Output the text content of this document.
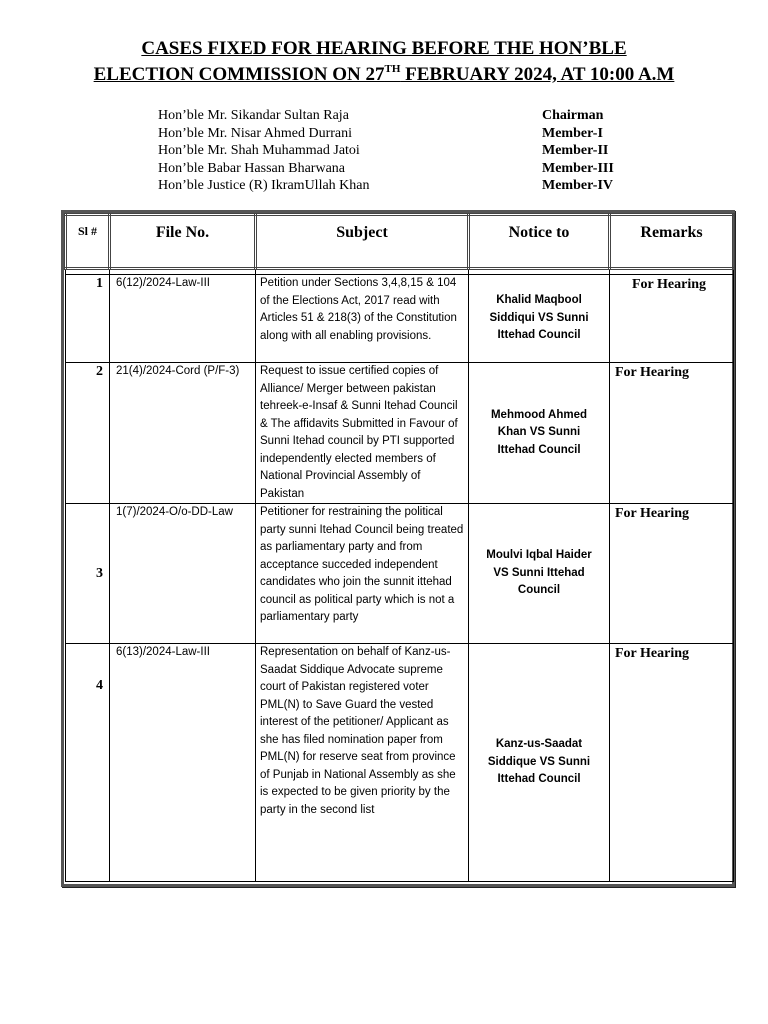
CASES FIXED FOR HEARING BEFORE THE HON’BLE
ELECTION COMMISSION ON 27TH FEBRUARY 2024, AT 10:00 A.M
Hon’ble Mr. Sikandar Sultan Raja	Chairman
Hon’ble Mr. Nisar Ahmed Durrani	Member-I
Hon’ble Mr. Shah Muhammad Jatoi	Member-II
Hon’ble Babar Hassan Bharwana	Member-III
Hon’ble Justice (R) IkramUllah Khan	Member-IV
Sl #	File No.	Subject	Notice to	Remarks

1	6(12)/2024-Law-III	Petition under Sections 3,4,8,15 & 104 of the Elections Act, 2017 read with Articles 51 & 218(3) of the Constitution along with all enabling provisions.	Khalid Maqbool Siddiqui VS Sunni Ittehad Council	For Hearing
2	21(4)/2024-Cord (P/F-3)	Request to issue certified copies of Alliance/ Merger between pakistan tehreek-e-Insaf & Sunni Itehad Council & The affidavits Submitted in Favour of Sunni Itehad council by PTI supported independently elected members of National Provincial Assembly of Pakistan	Mehmood Ahmed Khan VS Sunni Ittehad Council	For Hearing
3	1(7)/2024-O/o-DD-Law	Petitioner for restraining the political party sunni Itehad Council being treated as parliamentary party and from acceptance succeded independent candidates who join the sunnit ittehad council as political party which is not a parliamentary party	Moulvi Iqbal Haider VS Sunni Ittehad Council	For Hearing
4	6(13)/2024-Law-III	Representation on behalf of Kanz-us-Saadat Siddique Advocate supreme court of Pakistan registered voter PML(N) to Save Guard the vested interest of the petitioner/ Applicant as she has filed nomination paper from PML(N) for reserve seat from province of Punjab in National Assembly as she is expected to be given priority by the party in the second list	Kanz-us-Saadat Siddique VS Sunni Ittehad Council	For Hearing
